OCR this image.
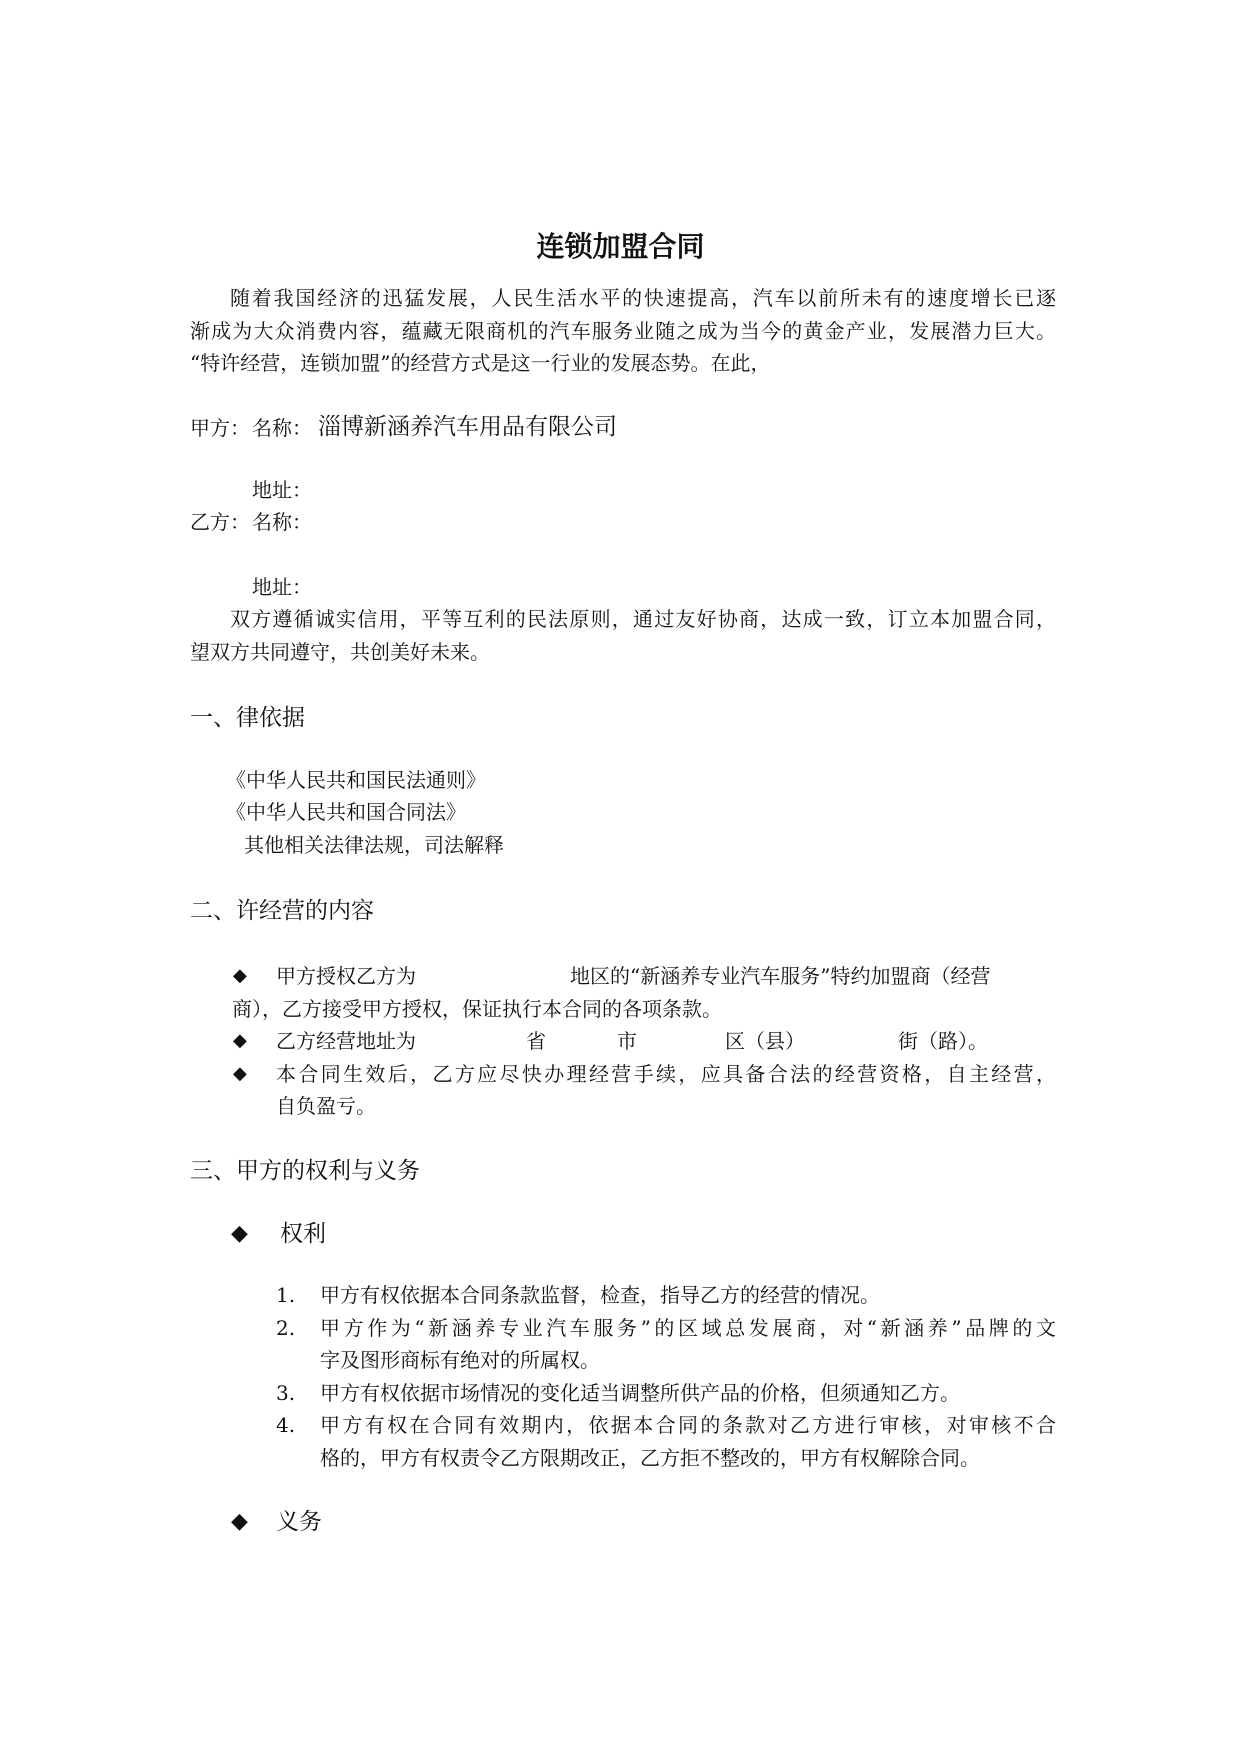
连锁加盟合同
随着我国经济的迅猛发展，人民生活水平的快速提高，汽车以前所未有的速度增长已逐
渐成为大众消费内容，蕴藏无限商机的汽车服务业随之成为当今的黄金产业，发展潜力巨大。
“特许经营，连锁加盟”的经营方式是这一行业的发展态势。在此，
甲方： 名称： 淄博新涵养汽车用品有限公司
地址：
乙方： 名称：
地址：
双方遵循诚实信用，平等互利的民法原则，通过友好协商，达成一致，订立本加盟合同，
望双方共同遵守，共创美好未来。
一、律依据
《中华人民共和国民法通则》
《中华人民共和国合同法》
其他相关法律法规，司法解释
二、许经营的内容
◆ 甲方授权乙方为	地区的“新涵养专业汽车服务”特约加盟商（经营
商），乙方接受甲方授权，保证执行本合同的各项条款。
◆ 乙方经营地址为	省	市	区（县）	街（路）。
◆ 本合同生效后，乙方应尽快办理经营手续，应具备合法的经营资格，自主经营，
自负盈亏。
三、甲方的权利与义务
◆ 权利
1. 甲方有权依据本合同条款监督，检查，指导乙方的经营的情况。
2. 甲方作为“新涵养专业汽车服务”的区域总发展商，对“新涵养”品牌的文
字及图形商标有绝对的所属权。
3. 甲方有权依据市场情况的变化适当调整所供产品的价格，但须通知乙方。
4. 甲方有权在合同有效期内，依据本合同的条款对乙方进行审核，对审核不合
格的，甲方有权责令乙方限期改正，乙方拒不整改的，甲方有权解除合同。
◆ 义务
